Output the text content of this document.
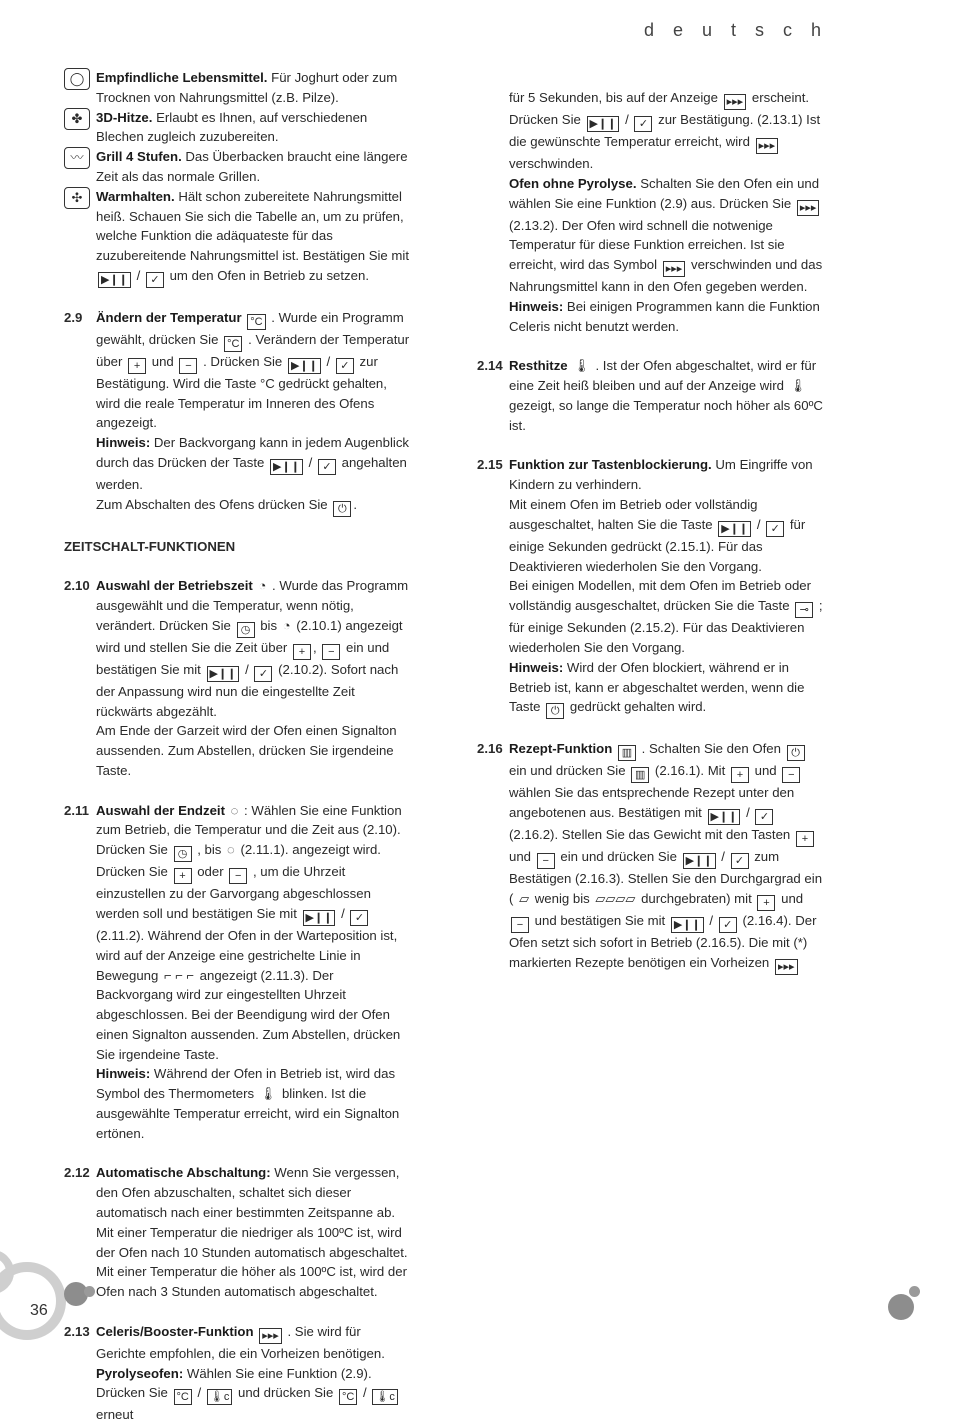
d e u t s c h
◯ Empfindliche Lebensmittel. Für Joghurt oder zum Trocknen von Nahrungsmittel (z.B. Pilze).
✤	3D-Hitze. Erlaubt es Ihnen, auf verschiedenen Blechen zugleich zuzubereiten.
〰 Grill 4 Stufen. Das Überbacken braucht eine längere Zeit als das normale Grillen.
✣	Warmhalten. Hält schon zubereitete Nahrungsmittel heiß. Schauen Sie sich die Tabelle an, um zu prüfen, welche Funktion die adäquateste für das zuzubereitende Nahrungsmittel ist. Bestätigen Sie mit ▶❙❙ / ✓ um den Ofen in Betrieb zu setzen.
2.9 Ändern der Temperatur °C . Wurde ein Programm gewählt, drücken Sie °C . Verändern der Temperatur über + und − . Drücken Sie ▶❙❙ / ✓ zur Bestätigung. Wird die Taste °C gedrückt gehalten, wird die reale Temperatur im Inneren des Ofens angezeigt.
Hinweis: Der Backvorgang kann in jedem Augenblick durch das Drücken der Taste ▶❙❙ / ✓ angehalten werden.
Zum Abschalten des Ofens drücken Sie ⏻ .
ZEITSCHALT-FUNKTIONEN
2.10 Auswahl der Betriebszeit ◔ . Wurde das Programm ausgewählt und die Temperatur, wenn nötig, verändert. Drücken Sie ◷ bis ◔ (2.10.1) angezeigt wird und stellen Sie die Zeit über + , − ein und bestätigen Sie mit ▶❙❙ / ✓ (2.10.2). Sofort nach der Anpassung wird nun die eingestellte Zeit rückwärts abgezählt.
Am Ende der Garzeit wird der Ofen einen Signalton aussenden. Zum Abstellen, drücken Sie irgendeine Taste.
2.11 Auswahl der Endzeit ◌ : Wählen Sie eine Funktion zum Betrieb, die Temperatur und die Zeit aus (2.10). Drücken Sie ◷ , bis ◌ (2.11.1). angezeigt wird. Drücken Sie + oder − , um die Uhrzeit einzustellen zu der Garvorgang abgeschlossen werden soll und bestätigen Sie mit ▶❙❙ / ✓ (2.11.2). Während der Ofen in der Warteposition ist, wird auf der Anzeige eine gestrichelte Linie in Bewegung ⌐ ⌐ ⌐ angezeigt (2.11.3). Der Backvorgang wird zur eingestellten Uhrzeit abgeschlossen. Bei der Beendigung wird der Ofen einen Signalton aussenden. Zum Abstellen, drücken Sie irgendeine Taste.
Hinweis: Während der Ofen in Betrieb ist, wird das Symbol des Thermometers 🌡 blinken. Ist die ausgewählte Temperatur erreicht, wird ein Signalton ertönen.
2.12 Automatische Abschaltung: Wenn Sie vergessen, den Ofen abzuschalten, schaltet sich dieser automatisch nach einer bestimmten Zeitspanne ab. Mit einer Temperatur die niedriger als 100ºC ist, wird der Ofen nach 10 Stunden automatisch abgeschaltet. Mit einer Temperatur die höher als 100ºC ist, wird der Ofen nach 3 Stunden automatisch abgeschaltet.
2.13 Celeris/Booster-Funktion ▸▸▸ . Sie wird für Gerichte empfohlen, die ein Vorheizen benötigen.
Pyrolyseofen: Wählen Sie eine Funktion (2.9). Drücken Sie °C / 🌡c und drücken Sie °C / 🌡c erneut
für 5 Sekunden, bis auf der Anzeige ▸▸▸ erscheint. Drücken Sie ▶❙❙ / ✓ zur Bestätigung. (2.13.1) Ist die gewünschte Temperatur erreicht, wird ▸▸▸ verschwinden.
Ofen ohne Pyrolyse. Schalten Sie den Ofen ein und wählen Sie eine Funktion (2.9) aus. Drücken Sie ▸▸▸ (2.13.2). Der Ofen wird schnell die notwenige Temperatur für diese Funktion erreichen. Ist sie erreicht, wird das Symbol ▸▸▸ verschwinden und das Nahrungsmittel kann in den Ofen gegeben werden.
Hinweis: Bei einigen Programmen kann die Funktion Celeris nicht benutzt werden.
2.14 Resthitze 🌡 . Ist der Ofen abgeschaltet, wird er für eine Zeit heiß bleiben und auf der Anzeige wird 🌡 gezeigt, so lange die Temperatur noch höher als 60ºC ist.
2.15 Funktion zur Tastenblockierung. Um Eingriffe von Kindern zu verhindern.
Mit einem Ofen im Betrieb oder vollständig ausgeschaltet, halten Sie die Taste ▶❙❙ / ✓ für einige Sekunden gedrückt (2.15.1). Für das Deaktivieren wiederholen Sie den Vorgang.
Bei einigen Modellen, mit dem Ofen im Betrieb oder vollständig ausgeschaltet, drücken Sie die Taste ⊸ ; für einige Sekunden (2.15.2). Für das Deaktivieren wiederholen Sie den Vorgang.
Hinweis: Wird der Ofen blockiert, während er in Betrieb ist, kann er abgeschaltet werden, wenn die Taste ⏻ gedrückt gehalten wird.
2.16 Rezept-Funktion ▥ . Schalten Sie den Ofen ⏻ ein und drücken Sie ▥ (2.16.1). Mit + und − wählen Sie das entsprechende Rezept unter den angebotenen aus. Bestätigen mit ▶❙❙ / ✓ (2.16.2). Stellen Sie das Gewicht mit den Tasten + und − ein und drücken Sie ▶❙❙ / ✓ zum Bestätigen (2.16.3). Stellen Sie den Durchgargrad ein ( ▱ wenig bis ▱▱▱▱ durchgebraten) mit + und − und bestätigen Sie mit ▶❙❙ / ✓ (2.16.4). Der Ofen setzt sich sofort in Betrieb (2.16.5). Die mit (*) markierten Rezepte benötigen ein Vorheizen ▸▸▸
36
